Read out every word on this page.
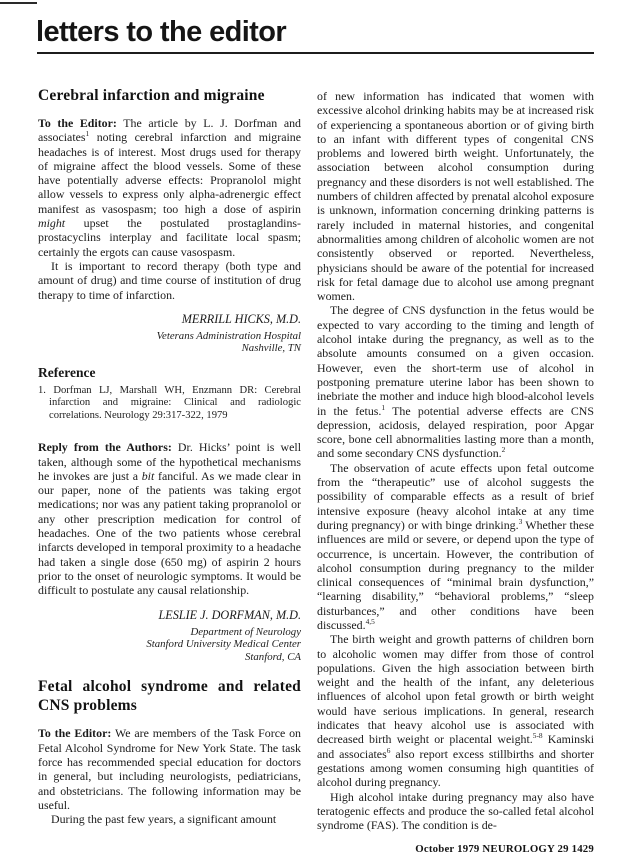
letters to the editor
Cerebral infarction and migraine

To the Editor: The article by L. J. Dorfman and associates$^1$ noting cerebral infarction and migraine headaches is of interest. Most drugs used for therapy of migraine affect the blood vessels. Some of these have potentially adverse effects: Propranolol might allow vessels to express only alpha-adrenergic effect manifest as vasospasm; too high a dose of aspirin might upset the postulated prostaglandins-prostacyclins interplay and facilitate local spasm; certainly the ergots can cause vasospasm.

It is important to record therapy (both type and amount of drug) and time course of institution of drug therapy to time of infarction.

MERRILL HICKS, M.D.
Veterans Administration Hospital
Nashville, TN
Reference

1. Dorfman LJ, Marshall WH, Enzmann DR: Cerebral infarction and migraine: Clinical and radiologic correlations. Neurology 29:317-322, 1979

Reply from the Authors: Dr. Hicks’ point is well taken, although some of the hypothetical mechanisms he invokes are just a bit fanciful. As we made clear in our paper, none of the patients was taking ergot medications; nor was any patient taking propranolol or any other prescription medication for control of headaches. One of the two patients whose cerebral infarcts developed in temporal proximity to a headache had taken a single dose (650 mg) of aspirin 2 hours prior to the onset of neurologic symptoms. It would be difficult to postulate any causal relationship.

LESLIE J. DORFMAN, M.D.
Department of Neurology
Stanford University Medical Center
Stanford, CA
Fetal alcohol syndrome and related CNS problems

To the Editor: We are members of the Task Force on Fetal Alcohol Syndrome for New York State. The task force has recommended special education for doctors in general, but including neurologists, pediatricians, and obstetricians. The following information may be useful.

During the past few years, a significant amount

of new information has indicated that women with excessive alcohol drinking habits may be at increased risk of experiencing a spontaneous abortion or of giving birth to an infant with different types of congenital CNS problems and lowered birth weight. Unfortunately, the association between alcohol consumption during pregnancy and these disorders is not well established. The numbers of children affected by prenatal alcohol exposure is unknown, information concerning drinking patterns is rarely included in maternal histories, and congenital abnormalities among children of alcoholic women are not consistently observed or reported. Nevertheless, physicians should be aware of the potential for increased risk for fetal damage due to alcohol use among pregnant women.

The degree of CNS dysfunction in the fetus would be expected to vary according to the timing and length of alcohol intake during the pregnancy, as well as to the absolute amounts consumed on a given occasion. However, even the short-term use of alcohol in postponing premature uterine labor has been shown to inebriate the mother and induce high blood-alcohol levels in the fetus.$^1$ The potential adverse effects are CNS depression, acidosis, delayed respiration, poor Apgar score, bone cell abnormalities lasting more than a month, and some secondary CNS dysfunction.$^2$

The observation of acute effects upon fetal outcome from the “therapeutic” use of alcohol suggests the possibility of comparable effects as a result of brief intensive exposure (heavy alcohol intake at any time during pregnancy) or with binge drinking.$^3$ Whether these influences are mild or severe, or depend upon the type of occurrence, is uncertain. However, the contribution of alcohol consumption during pregnancy to the milder clinical consequences of “minimal brain dysfunction,” “learning disability,” “behavioral problems,” “sleep disturbances,” and other conditions have been discussed.$^{4,5}$

The birth weight and growth patterns of children born to alcoholic women may differ from those of control populations. Given the high association between birth weight and the health of the infant, any deleterious influences of alcohol upon fetal growth or birth weight would have serious implications. In general, research indicates that heavy alcohol use is associated with decreased birth weight or placental weight.$^{5-8}$ Kaminski and associates$^6$ also report excess stillbirths and shorter gestations among women consuming high quantities of alcohol during pregnancy.

High alcohol intake during pregnancy may also have teratogenic effects and produce the so-called fetal alcohol syndrome (FAS). The condition is de-

October 1979 NEUROLOGY 29 1429
